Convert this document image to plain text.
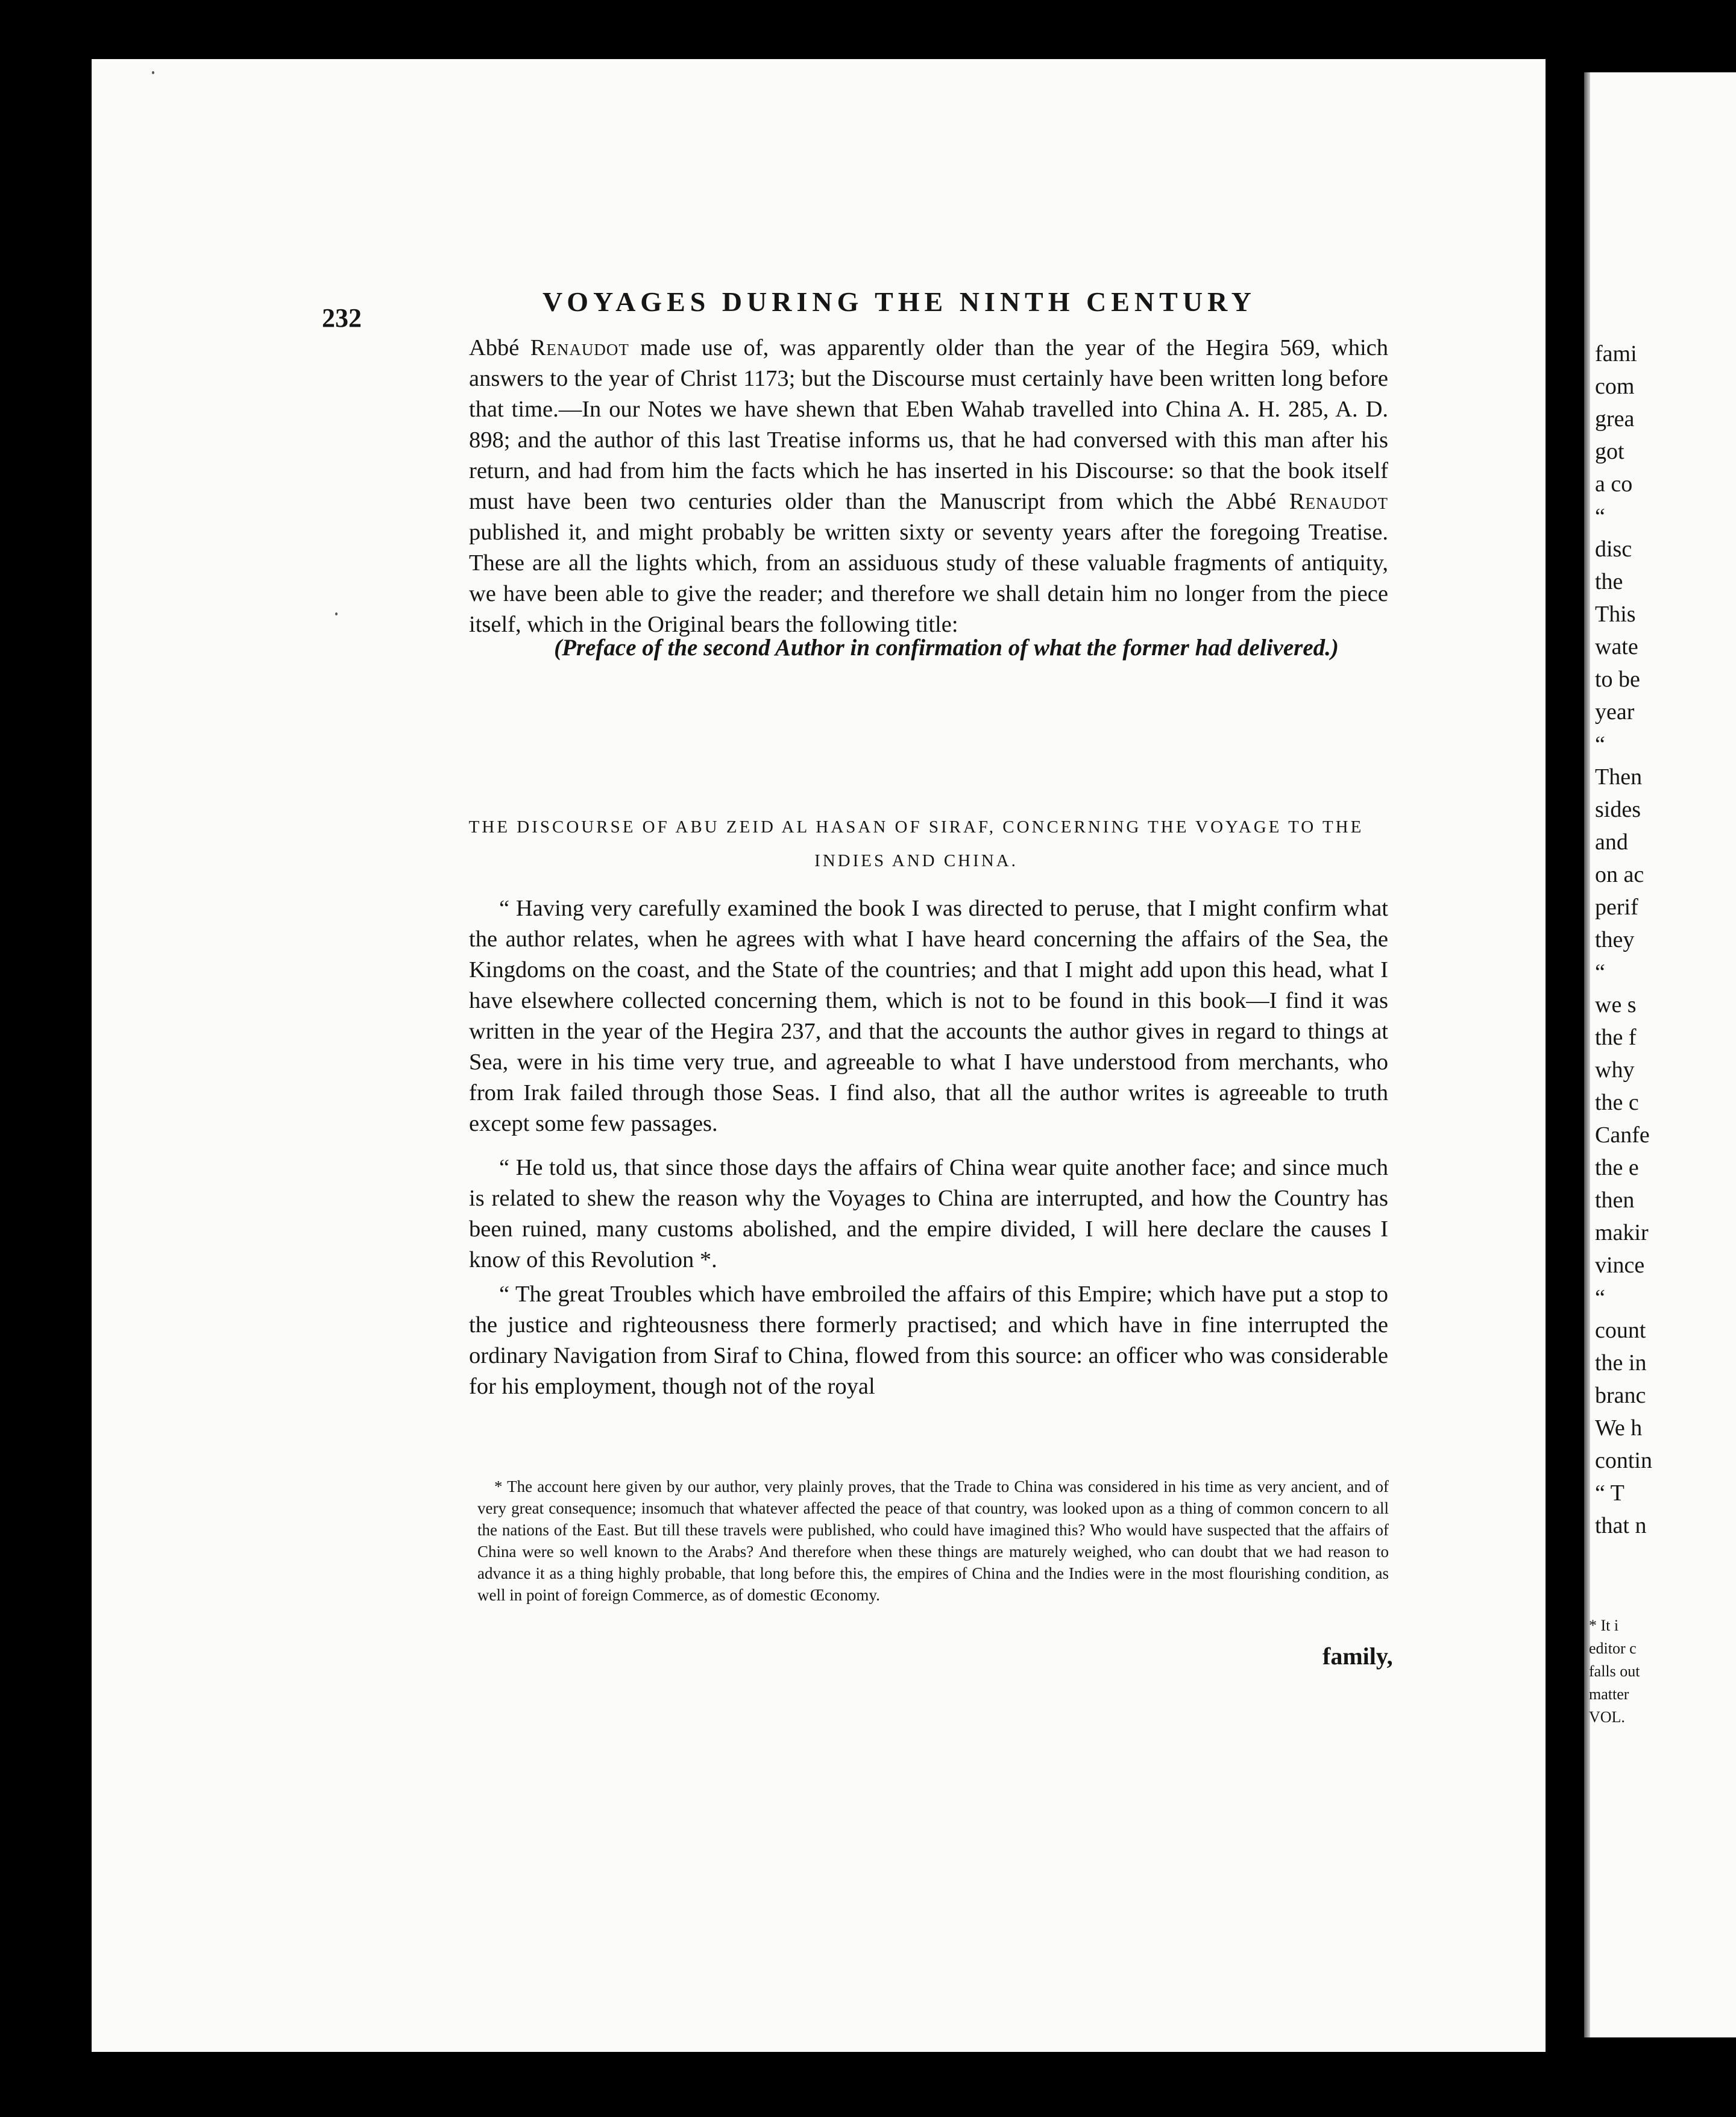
232
VOYAGES DURING THE NINTH CENTURY

Abbé Renaudot made use of, was apparently older than the year of the Hegira 569, which answers to the year of Christ 1173; but the Discourse must certainly have been written long before that time.—In our Notes we have shewn that Eben Wahab travelled into China A. H. 285, A. D. 898; and the author of this last Treatise informs us, that he had conversed with this man after his return, and had from him the facts which he has inserted in his Discourse: so that the book itself must have been two centuries older than the Manuscript from which the Abbé Renaudot published it, and might probably be written sixty or seventy years after the foregoing Treatise. These are all the lights which, from an assiduous study of these valuable fragments of antiquity, we have been able to give the reader; and therefore we shall detain him no longer from the piece itself, which in the Original bears the following title:

(Preface of the second Author in confirmation of what the former had delivered.)

THE DISCOURSE OF ABU ZEID AL HASAN OF SIRAF, CONCERNING THE VOYAGE TO THE INDIES AND CHINA.

“ Having very carefully examined the book I was directed to peruse, that I might confirm what the author relates, when he agrees with what I have heard concerning the affairs of the Sea, the Kingdoms on the coast, and the State of the countries; and that I might add upon this head, what I have elsewhere collected concerning them, which is not to be found in this book—I find it was written in the year of the Hegira 237, and that the accounts the author gives in regard to things at Sea, were in his time very true, and agreeable to what I have understood from merchants, who from Irak failed through those Seas. I find also, that all the author writes is agreeable to truth except some few passages.

“ He told us, that since those days the affairs of China wear quite another face; and since much is related to shew the reason why the Voyages to China are interrupted, and how the Country has been ruined, many customs abolished, and the empire divided, I will here declare the causes I know of this Revolution *.

“ The great Troubles which have embroiled the affairs of this Empire; which have put a stop to the justice and righteousness there formerly practised; and which have in fine interrupted the ordinary Navigation from Siraf to China, flowed from this source: an officer who was considerable for his employment, though not of the royal

* The account here given by our author, very plainly proves, that the Trade to China was considered in his time as very ancient, and of very great consequence; insomuch that whatever affected the peace of that country, was looked upon as a thing of common concern to all the nations of the East. But till these travels were published, who could have imagined this? Who would have suspected that the affairs of China were so well known to the Arabs? And therefore when these things are maturely weighed, who can doubt that we had reason to advance it as a thing highly probable, that long before this, the empires of China and the Indies were in the most flourishing condition, as well in point of foreign Commerce, as of domestic Œconomy.

family,
fami
com
grea
got
a co
“
disc
the
This
wate
to be
year
“
Then
sides
and
on ac
perif
they
“
we s
the f
why
the c
Canfe
the e
then
makir
vince
“
count
the in
branc
We h
contin
“ T
that n
* It i
editor c
falls out
matter
VOL.
